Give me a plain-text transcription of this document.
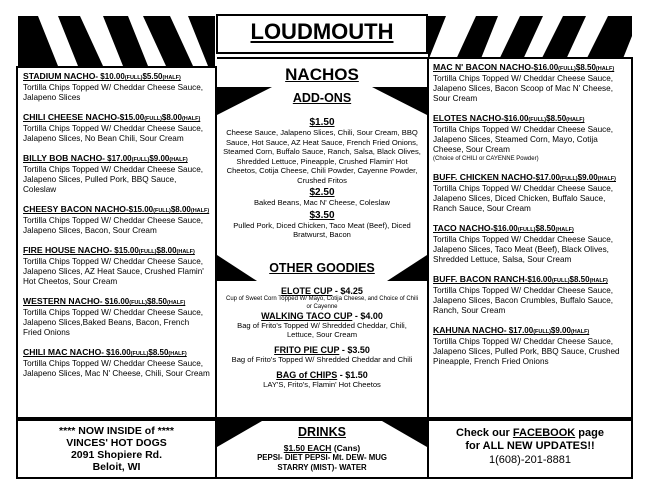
LOUDMOUTH
STADIUM NACHO- $10.00(FULL)$5.50(HALF)
Tortilla Chips Topped W/ Cheddar Cheese Sauce, Jalapeno Slices
CHILI CHEESE NACHO-$15.00(FULL)$8.00(HALF)
Tortilla Chips Topped W/ Cheddar Cheese Sauce, Jalapeno Slices, No Bean Chili, Sour Cream
BILLY BOB NACHO- $17.00(FULL)$9.00(HALF)
Tortilla Chips Topped W/ Cheddar Cheese Sauce, Jalapeno Slices, Pulled Pork, BBQ Sauce, Coleslaw
CHEESY BACON NACHO-$15.00(FULL)$8.00(HALF)
Tortilla Chips Topped W/ Cheddar Cheese Sauce, Jalapeno Slices, Bacon, Sour Cream
FIRE HOUSE NACHO- $15.00(FULL)$8.00(HALF)
Tortilla Chips Topped W/ Cheddar Cheese Sauce, Jalapeno Slices, AZ Heat Sauce, Crushed Flamin' Hot Cheetos, Sour Cream
WESTERN NACHO- $16.00(FULL)$8.50(HALF)
Tortilla Chips Topped W/ Cheddar Cheese Sauce, Jalapeno Slices,Baked Beans, Bacon, French Fried Onions
CHILI MAC NACHO- $16.00(FULL)$8.50(HALF)
Tortilla Chips Topped W/ Cheddar Cheese Sauce, Jalapeno Slices, Mac N' Cheese, Chili, Sour Cream
MAC N' BACON NACHO-$16.00(FULL)$8.50(HALF)
Tortilla Chips Topped W/ Cheddar Cheese Sauce, Jalapeno Slices, Bacon Scoop of Mac N' Cheese, Sour Cream
ELOTES NACHO-$16.00(FULL)$8.50(HALF)
Tortilla Chips Topped W/ Cheddar Cheese Sauce, Jalapeno Slices, Steamed Corn, Mayo, Cotija Cheese, Sour Cream
(Choice of CHILI or CAYENNE Powder)
BUFF. CHICKEN NACHO-$17.00(FULL)$9.00(HALF)
Tortilla Chips Topped W/ Cheddar Cheese Sauce, Jalapeno Slices, Diced Chicken, Buffalo Sauce, Ranch Sauce, Sour Cream
TACO NACHO-$16.00(FULL)$8.50(HALF)
Tortilla Chips Topped W/ Cheddar Cheese Sauce, Jalapeno Slices, Taco Meat (Beef), Black Olives, Shredded Lettuce, Salsa, Sour Cream
BUFF. BACON RANCH-$16.00(FULL)$8.50(HALF)
Tortilla Chips Topped W/ Cheddar Cheese Sauce, Jalapeno Slices, Bacon Crumbles, Buffalo Sauce, Ranch, Sour Cream
KAHUNA NACHO- $17.00(FULL)$9.00(HALF)
Tortilla Chips Topped W/ Cheddar Cheese Sauce, Jalapeno Slices, Pulled Pork, BBQ Sauce, Crushed Pineapple, French Fried Onions
NACHOS
ADD-ONS
$1.50
Cheese Sauce, Jalapeno Slices, Chili, Sour Cream, BBQ Sauce, Hot Sauce, AZ Heat Sauce, French Fried Onions, Steamed Corn, Buffalo Sauce, Ranch, Salsa, Black Olives, Shredded Lettuce, Pineapple, Crushed Flamin' Hot Cheetos, Cotija Cheese, Chili Powder, Cayenne Powder, Crushed Fritos
$2.50
Baked Beans, Mac N' Cheese, Coleslaw
$3.50
Pulled Pork, Diced Chicken, Taco Meat (Beef), Diced Bratwurst, Bacon
OTHER GOODIES
ELOTE CUP - $4.25
Cup of Sweet Corn Topped W/ Mayo, Cotija Cheese, and Choice of Chili or Cayenne
WALKING TACO CUP - $4.00
Bag of Frito's Topped W/ Shredded Cheddar, Chili, Lettuce, Sour Cream
FRITO PIE CUP - $3.50
Bag of Frito's Topped W/ Shredded Cheddar and Chili
BAG of CHIPS - $1.50
LAY'S, Frito's, Flamin' Hot Cheetos
**** NOW INSIDE of ****
VINCES' HOT DOGS
2091 Shopiere Rd.
Beloit, WI
DRINKS
$1.50 EACH (Cans)
PEPSI- DIET PEPSI- Mt. DEW- MUG
STARRY (MIST)- WATER
Check our FACEBOOK page
for ALL NEW UPDATES!!
1(608)-201-8881
